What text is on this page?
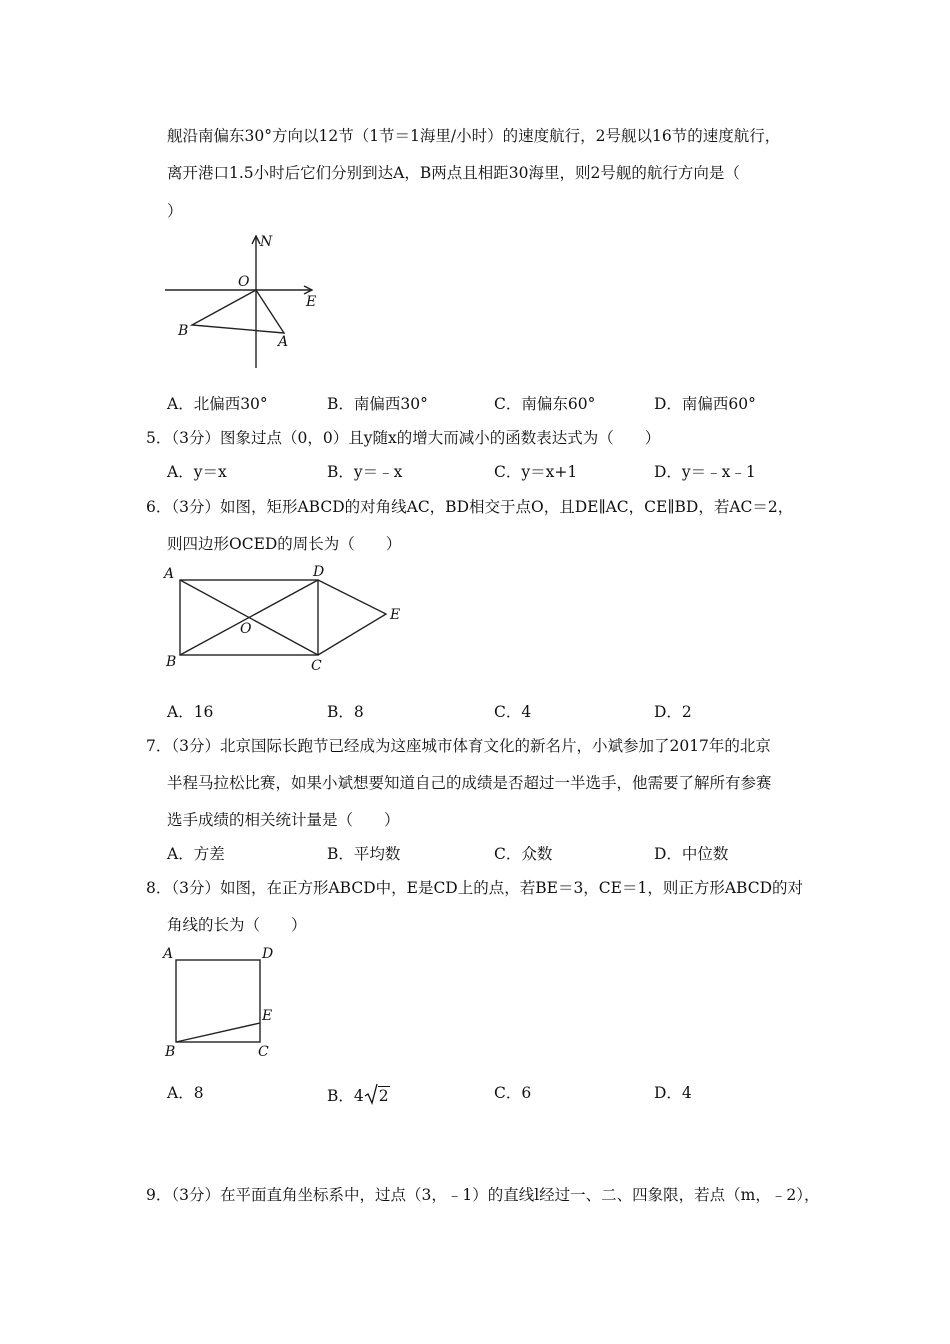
舰沿南偏东30°方向以12节（1节＝1海里/小时）的速度航行，2号舰以16节的速度航行，
离开港口1.5小时后它们分别到达A，B两点且相距30海里，则2号舰的航行方向是（
）
N
O
E
B
A
A．北偏西30°	B．南偏西30°	C．南偏东60°	D．南偏西60°
5．（3分）图象过点（0，0）且y随x的增大而减小的函数表达式为（　　）
A．y＝x	B．y＝﹣x	C．y＝x+1	D．y＝﹣x﹣1
6．（3分）如图，矩形ABCD的对角线AC，BD相交于点O，且DE∥AC，CE∥BD，若AC＝2，
则四边形OCED的周长为（　　）
A	D
E
O
B	C
A．16	B．8	C．4	D．2
7．（3分）北京国际长跑节已经成为这座城市体育文化的新名片，小斌参加了2017年的北京
半程马拉松比赛，如果小斌想要知道自己的成绩是否超过一半选手，他需要了解所有参赛
选手成绩的相关统计量是（　　）
A．方差	B．平均数	C．众数	D．中位数
8．（3分）如图，在正方形ABCD中，E是CD上的点，若BE＝3，CE＝1，则正方形ABCD的对
角线的长为（　　）
A	D
E
B	C
A．8	B．4 2	C．6	D．4
9．（3分）在平面直角坐标系中，过点（3，﹣1）的直线l经过一、二、四象限，若点（m，﹣2），
